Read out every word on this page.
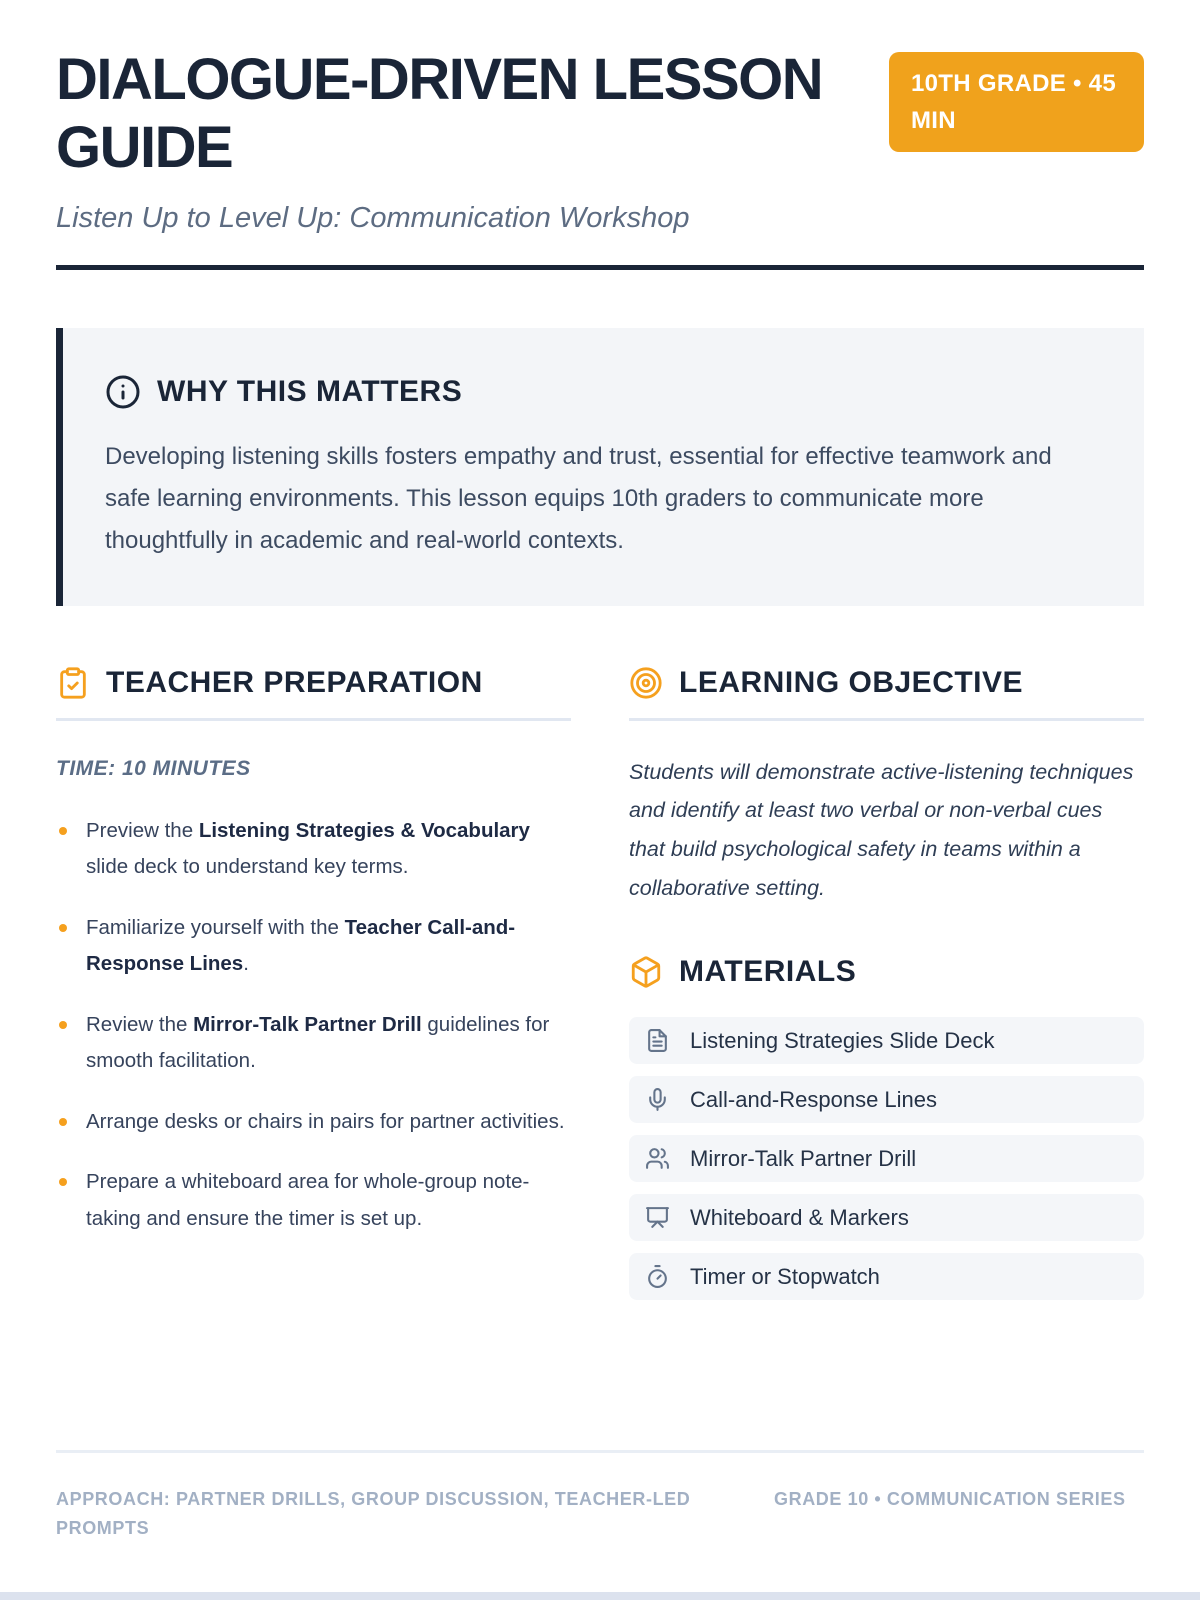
DIALOGUE-DRIVEN LESSON GUIDE
10TH GRADE • 45 MIN
Listen Up to Level Up: Communication Workshop
WHY THIS MATTERS

Developing listening skills fosters empathy and trust, essential for effective teamwork and safe learning environments. This lesson equips 10th graders to communicate more thoughtfully in academic and real-world contexts.

TEACHER PREPARATION
TIME: 10 MINUTES
Preview the Listening Strategies & Vocabulary slide deck to understand key terms.
Familiarize yourself with the Teacher Call-and-Response Lines.
Review the Mirror-Talk Partner Drill guidelines for smooth facilitation.
Arrange desks or chairs in pairs for partner activities.
Prepare a whiteboard area for whole-group note-taking and ensure the timer is set up.
LEARNING OBJECTIVE

Students will demonstrate active-listening techniques and identify at least two verbal or non-verbal cues that build psychological safety in teams within a collaborative setting.

MATERIALS
Listening Strategies Slide Deck
Call-and-Response Lines
Mirror-Talk Partner Drill
Whiteboard & Markers
Timer or Stopwatch
APPROACH: PARTNER DRILLS, GROUP DISCUSSION, TEACHER-LED PROMPTS
GRADE 10 • COMMUNICATION SERIES
